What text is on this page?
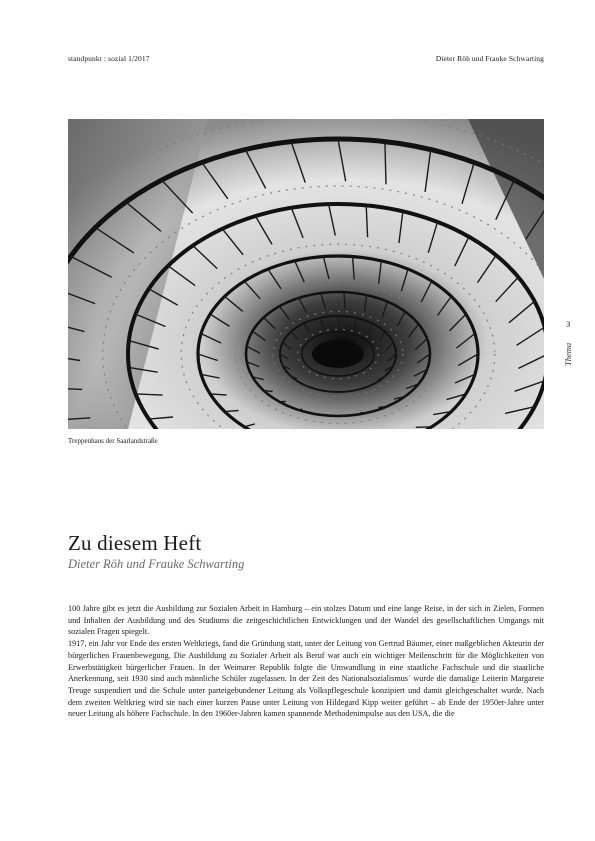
standpunkt : sozial 1/2017	Dieter Röh und Frauke Schwarting
Treppenhaus der Saarlandstraße
3
Thema
Zu diesem Heft
Dieter Röh und Frauke Schwarting

100 Jahre gibt es jetzt die Ausbildung zur Sozialen Arbeit in Hamburg – ein stolzes Datum und eine lange Reise, in der sich in Zielen, Formen und Inhalten der Ausbildung und des Studiums die zeitgeschichtlichen Entwicklungen und der Wandel des gesellschaftlichen Umgangs mit sozialen Fragen spiegelt.

1917, ein Jahr vor Ende des ersten Weltkriegs, fand die Gründung statt, unter der Leitung von Gertrud Bäumer, einer maßgeblichen Akteurin der bürgerlichen Frauenbewegung. Die Ausbildung zu Sozialer Arbeit als Beruf war auch ein wichtiger Meilenschritt für die Möglichkeiten von Erwerbstätigkeit bürgerlicher Frauen. In der Weimarer Republik folgte die Umwandlung in eine staatliche Fachschule und die staatliche Anerkennung, seit 1930 sind auch männliche Schüler zugelassen. In der Zeit des Nationalsozialismus´ wurde die damalige Leiterin Margarete Treuge suspendiert und die Schule unter parteigebundener Leitung als Volkspflegeschule konzipiert und damit gleichgeschaltet wurde. Nach dem zweiten Weltkrieg wird sie nach einer kurzen Pause unter Leitung von Hildegard Kipp weiter geführt – ab Ende der 1950er-Jahre unter neuer Leitung als höhere Fachschule. In den 1960er-Jahren kamen spannende Methodenimpulse aus den USA, die die
